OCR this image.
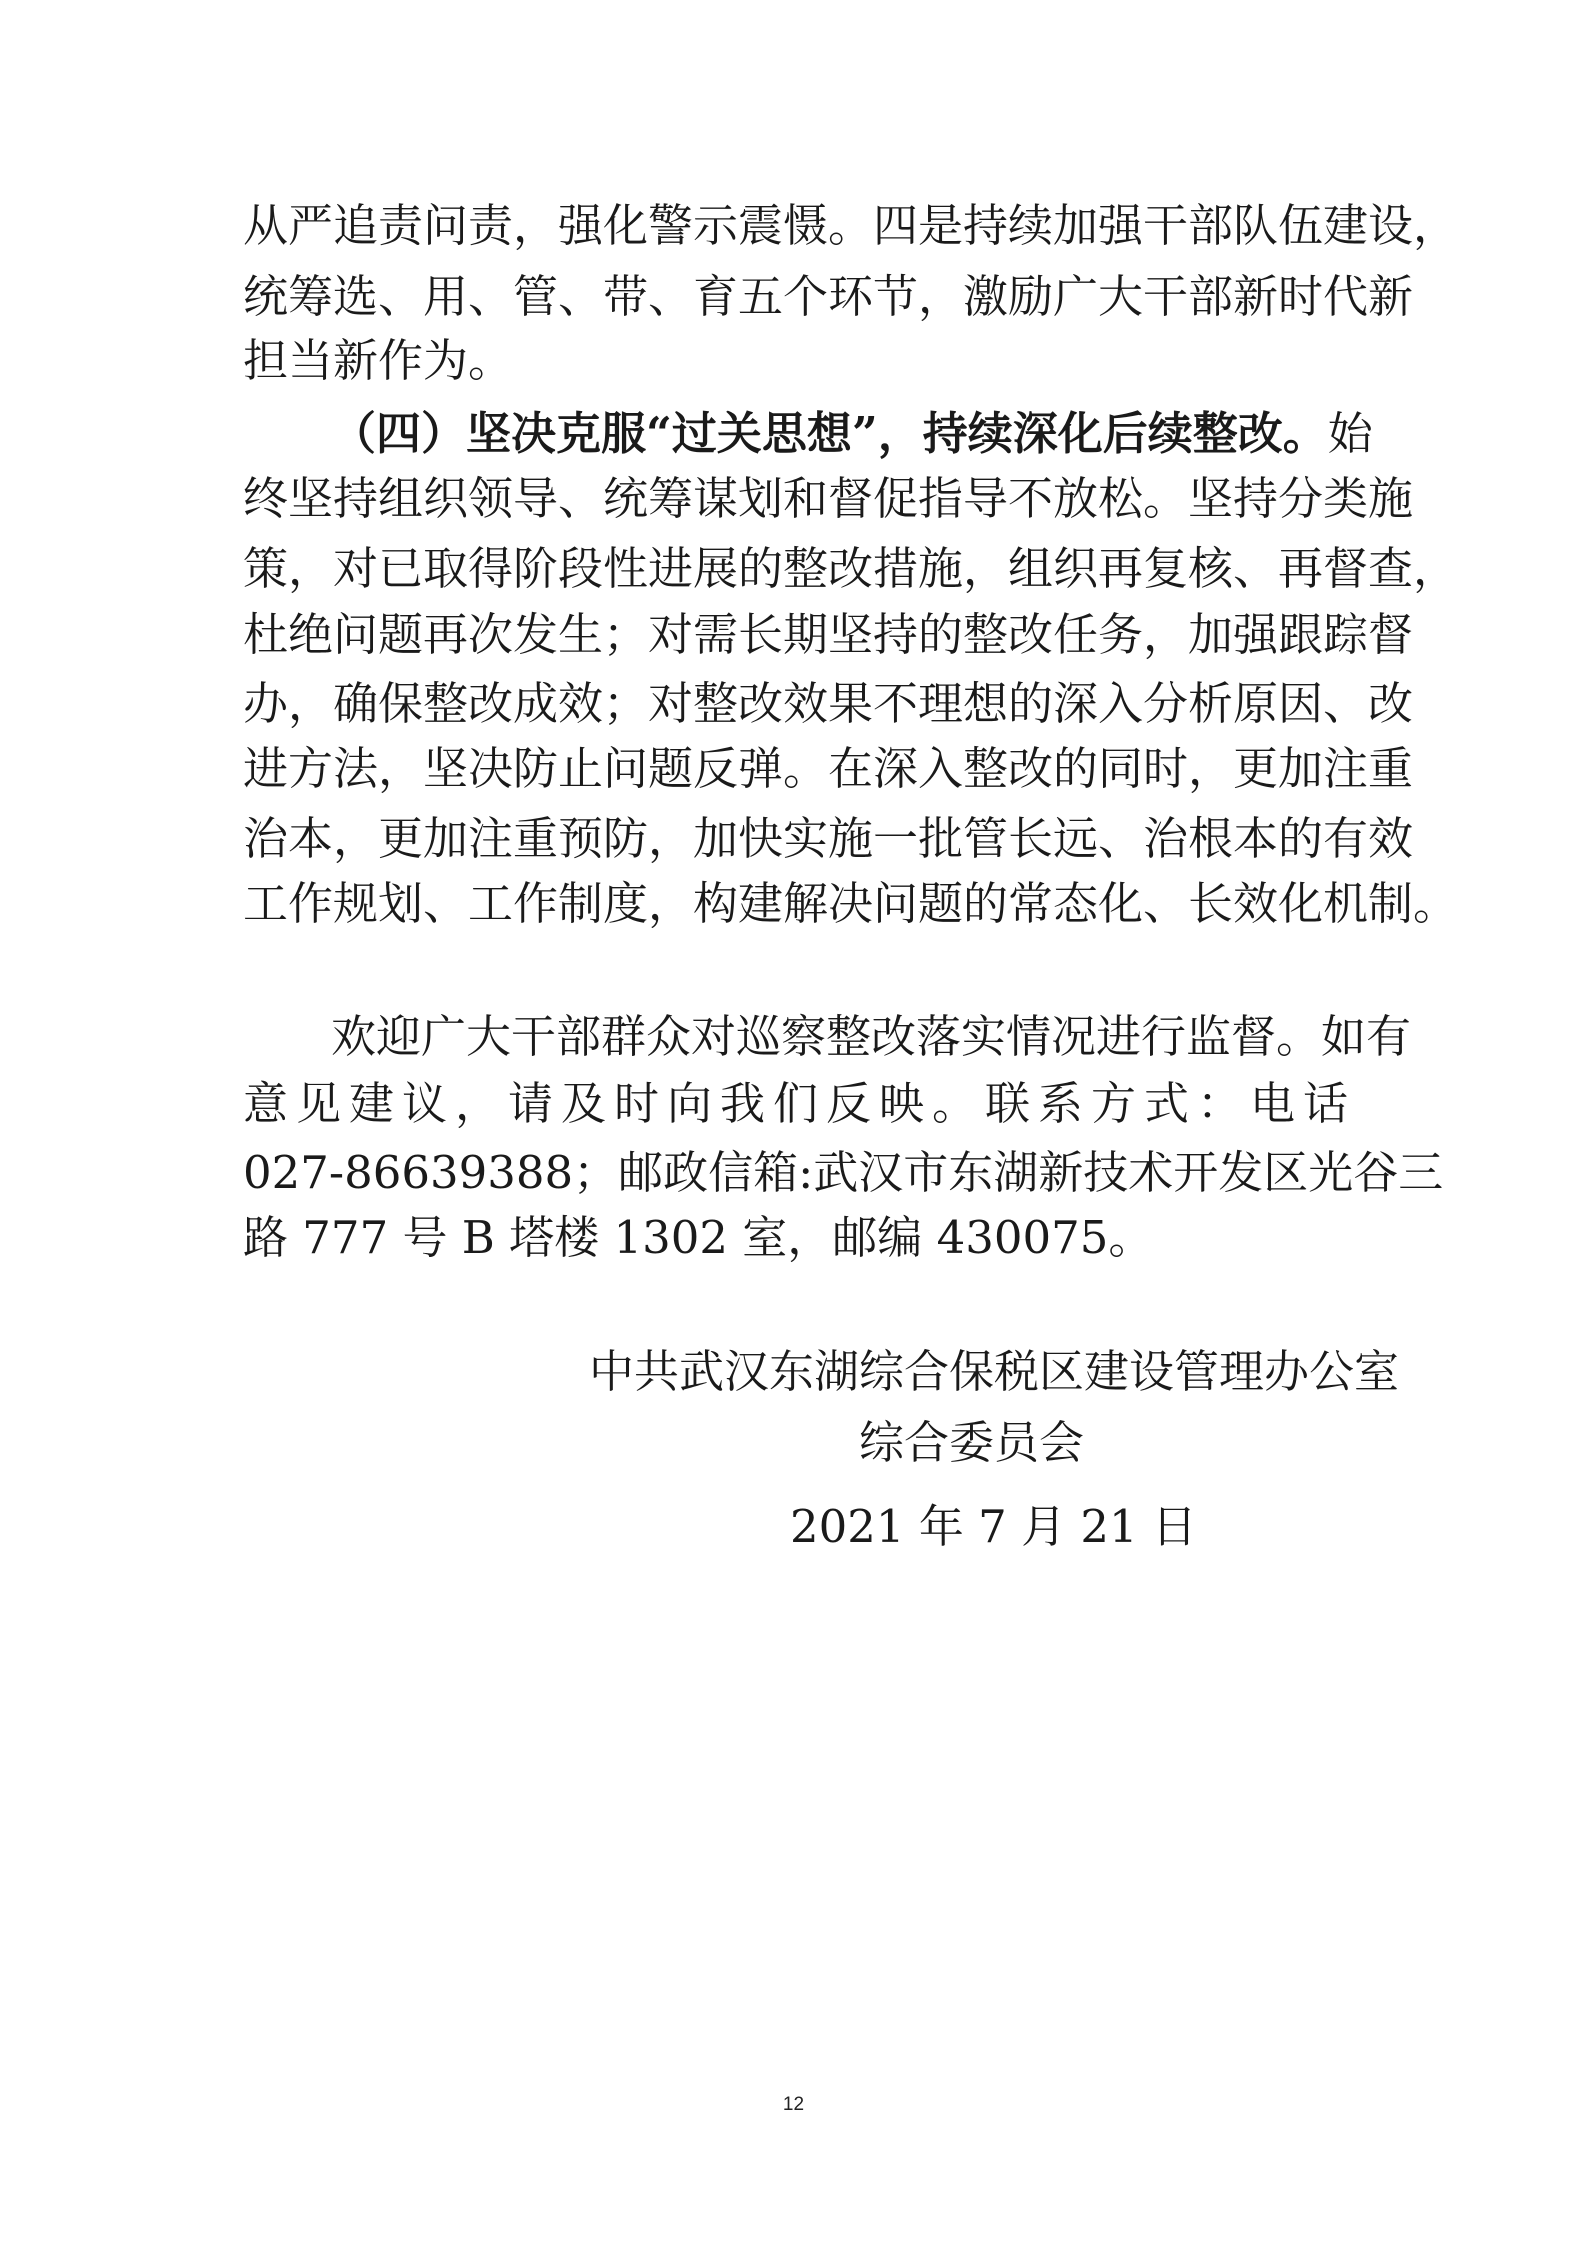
从严追责问责，强化警示震慑。四是持续加强干部队伍建设，
统筹选、用、管、带、育五个环节，激励广大干部新时代新
担当新作为。
（四）坚决克服“过关思想”，持续深化后续整改。始
终坚持组织领导、统筹谋划和督促指导不放松。坚持分类施
策，对已取得阶段性进展的整改措施，组织再复核、再督查，
杜绝问题再次发生；对需长期坚持的整改任务，加强跟踪督
办，确保整改成效；对整改效果不理想的深入分析原因、改
进方法，坚决防止问题反弹。在深入整改的同时，更加注重
治本，更加注重预防，加快实施一批管长远、治根本的有效
工作规划、工作制度，构建解决问题的常态化、长效化机制。
欢迎广大干部群众对巡察整改落实情况进行监督。如有
意见建议，请及时向我们反映。联系方式：电话
027-86639388；邮政信箱:武汉市东湖新技术开发区光谷三
路 777 号 B 塔楼 1302 室，邮编 430075。
中共武汉东湖综合保税区建设管理办公室
综合委员会
2021 年 7 月 21 日
12
